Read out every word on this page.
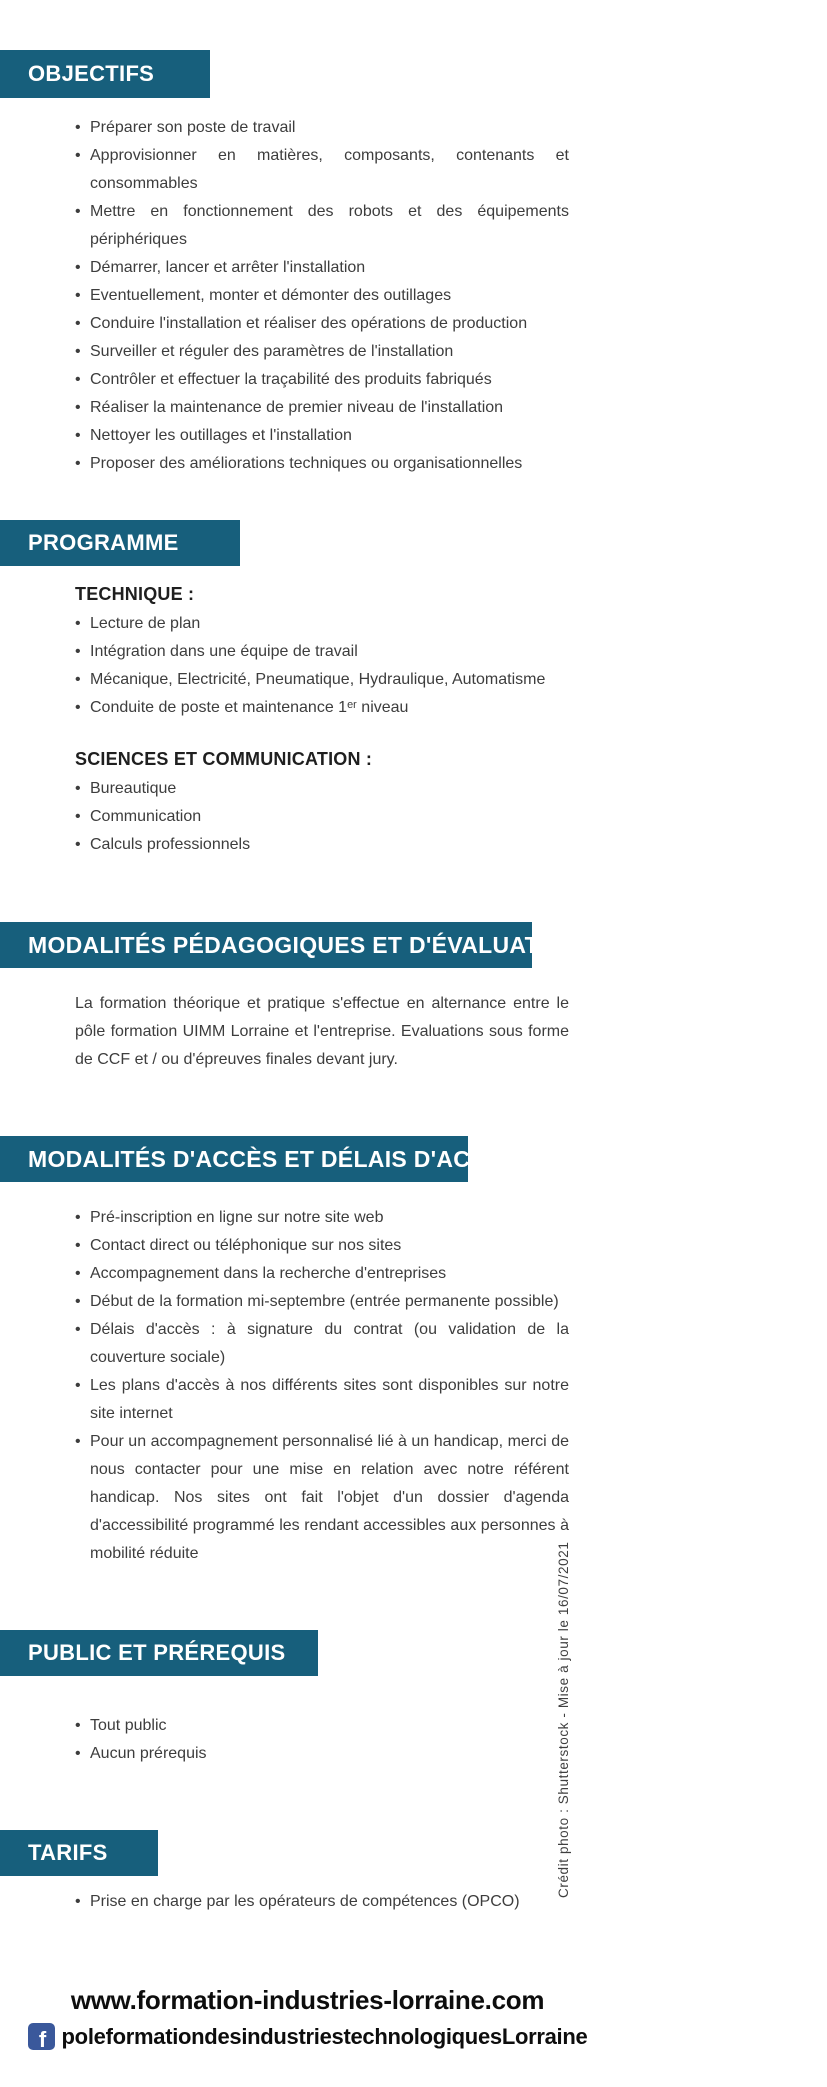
OBJECTIFS
• Préparer son poste de travail
• Approvisionner en matières, composants, contenants et consommables
• Mettre en fonctionnement des robots et des équipements périphériques
• Démarrer, lancer et arrêter l'installation
• Eventuellement, monter et démonter des outillages
• Conduire l'installation et réaliser des opérations de production
• Surveiller et réguler des paramètres de l'installation
• Contrôler et effectuer la traçabilité des produits fabriqués
• Réaliser la maintenance de premier niveau de l'installation
• Nettoyer les outillages et l'installation
• Proposer des améliorations techniques ou organisationnelles
PROGRAMME
TECHNIQUE :
• Lecture de plan
• Intégration dans une équipe de travail
• Mécanique, Electricité, Pneumatique, Hydraulique, Automatisme
• Conduite de poste et maintenance 1ᵉʳ niveau
SCIENCES ET COMMUNICATION :
• Bureautique
• Communication
• Calculs professionnels
MODALITÉS PÉDAGOGIQUES ET D'ÉVALUATION

La formation théorique et pratique s'effectue en alternance entre le pôle formation UIMM Lorraine et l'entreprise. Evaluations sous forme de CCF et / ou d'épreuves finales devant jury.

MODALITÉS D'ACCÈS ET DÉLAIS D'ACCÈS
• Pré-inscription en ligne sur notre site web
• Contact direct ou téléphonique sur nos sites
• Accompagnement dans la recherche d'entreprises
• Début de la formation mi-septembre (entrée permanente possible)
• Délais d'accès : à signature du contrat (ou validation de la couverture sociale)
• Les plans d'accès à nos différents sites sont disponibles sur notre site internet
• Pour un accompagnement personnalisé lié à un handicap, merci de nous contacter pour une mise en relation avec notre référent handicap. Nos sites ont fait l'objet d'un dossier d'agenda d'accessibilité programmé les rendant accessibles aux personnes à mobilité réduite	Crédit photo : Shutterstock - Mise à jour le 16/07/2021
PUBLIC ET PRÉREQUIS
• Tout public
• Aucun prérequis
TARIFS
• Prise en charge par les opérateurs de compétences (OPCO)
www.formation-industries-lorraine.com
f poleformationdesindustriestechnologiquesLorraine
